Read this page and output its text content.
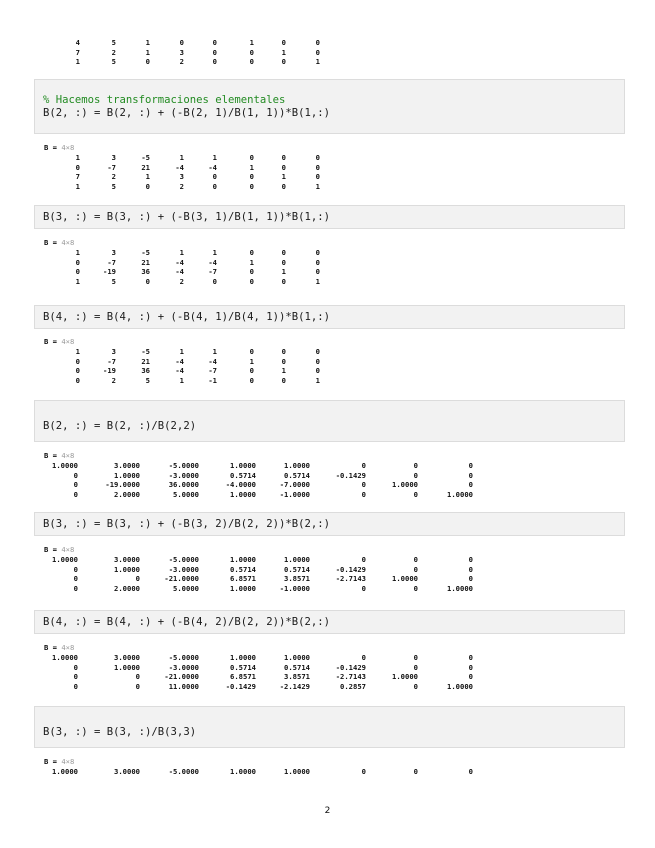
4	5	1	0	0	1	0	0
7	2	1	3	0	0	1	0
1	5	0	2	0	0	0	1
% Hacemos transformaciones elementales
B(2, :) = B(2, :) + (-B(2, 1)/B(1, 1))*B(1,:)
B = 4×8
1	3	-5	1	1	0	0	0
0	-7	21	-4	-4	1	0	0
7	2	1	3	0	0	1	0
1	5	0	2	0	0	0	1
B(3, :) = B(3, :) + (-B(3, 1)/B(1, 1))*B(1,:)
B = 4×8
1	3	-5	1	1	0	0	0
0	-7	21	-4	-4	1	0	0
0	-19	36	-4	-7	0	1	0
1	5	0	2	0	0	0	1
B(4, :) = B(4, :) + (-B(4, 1)/B(4, 1))*B(1,:)
B = 4×8
1	3	-5	1	1	0	0	0
0	-7	21	-4	-4	1	0	0
0	-19	36	-4	-7	0	1	0
0	2	5	1	-1	0	0	1
B(2, :) = B(2, :)/B(2,2)
B = 4×8
1.0000	3.0000	-5.0000	1.0000	1.0000	0	0	0
0	1.0000	-3.0000	0.5714	0.5714	-0.1429	0	0
0	-19.0000	36.0000	-4.0000	-7.0000	0	1.0000	0
0	2.0000	5.0000	1.0000	-1.0000	0	0	1.0000
B(3, :) = B(3, :) + (-B(3, 2)/B(2, 2))*B(2,:)
B = 4×8
1.0000	3.0000	-5.0000	1.0000	1.0000	0	0	0
0	1.0000	-3.0000	0.5714	0.5714	-0.1429	0	0
0	0	-21.0000	6.8571	3.8571	-2.7143	1.0000	0
0	2.0000	5.0000	1.0000	-1.0000	0	0	1.0000
B(4, :) = B(4, :) + (-B(4, 2)/B(2, 2))*B(2,:)
B = 4×8
1.0000	3.0000	-5.0000	1.0000	1.0000	0	0	0
0	1.0000	-3.0000	0.5714	0.5714	-0.1429	0	0
0	0	-21.0000	6.8571	3.8571	-2.7143	1.0000	0
0	0	11.0000	-0.1429	-2.1429	0.2857	0	1.0000
B(3, :) = B(3, :)/B(3,3)
B = 4×8
1.0000	3.0000	-5.0000	1.0000	1.0000	0	0	0
2
